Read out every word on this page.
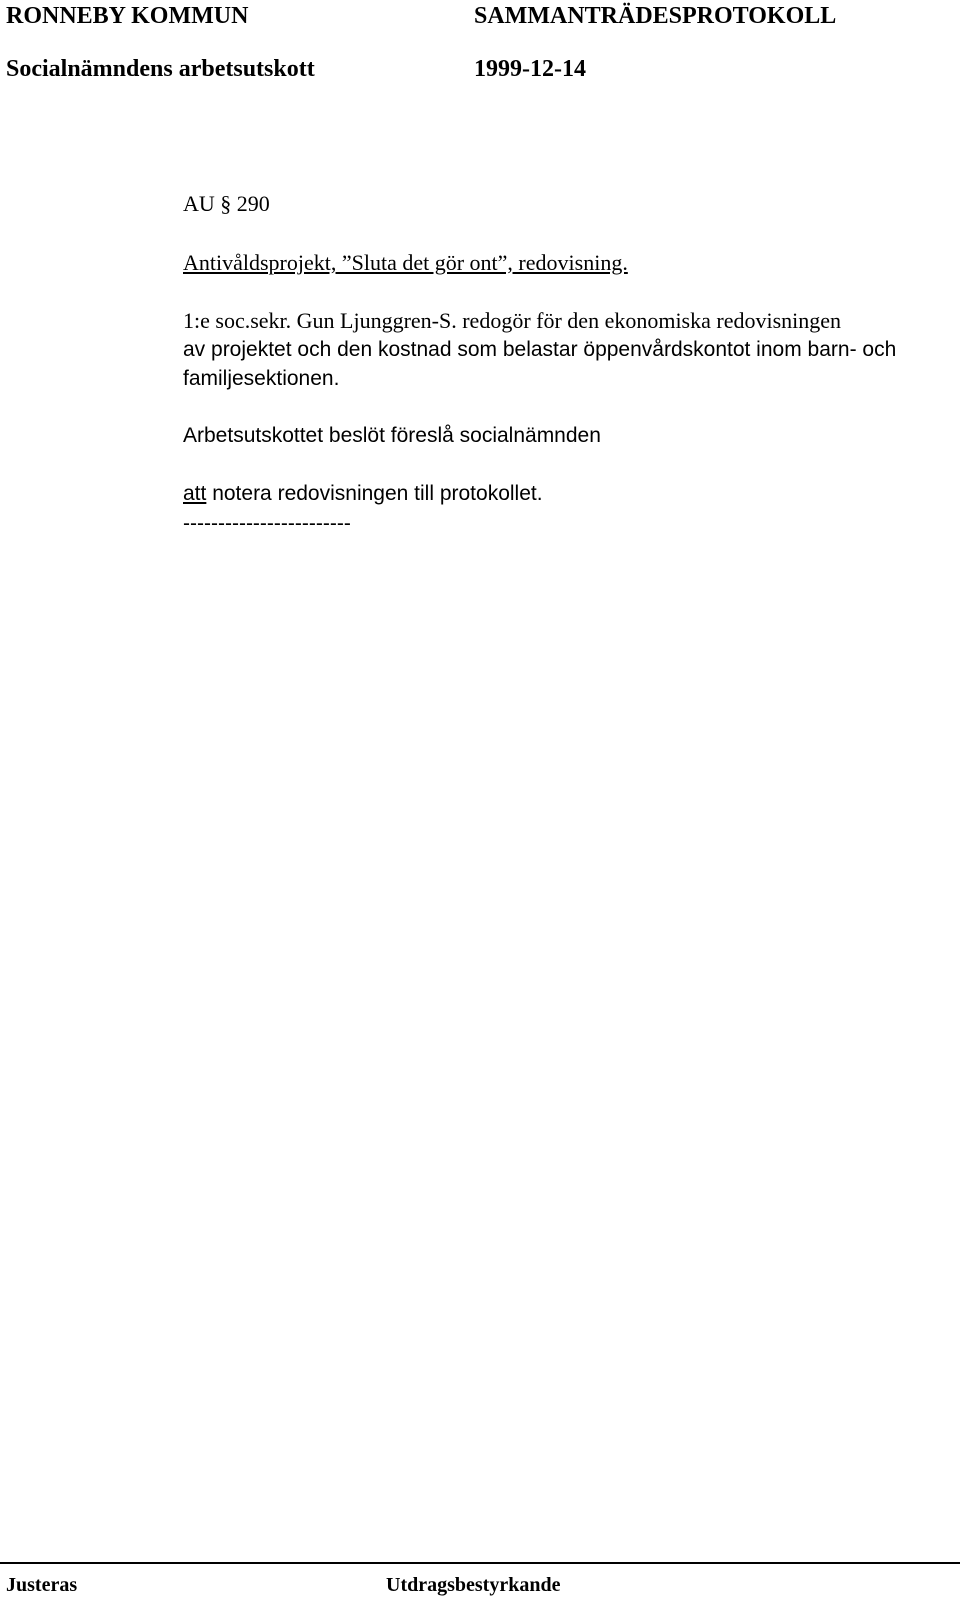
RONNEBY KOMMUN	SAMMANTRÄDESPROTOKOLL
Socialnämndens arbetsutskott	1999-12-14
AU § 290
Antivåldsprojekt, ”Sluta det gör ont”, redovisning.
1:e soc.sekr. Gun Ljunggren-S. redogör för den ekonomiska redovisningen
av projektet och den kostnad som belastar öppenvårdskontot inom barn- och
familjesektionen.
Arbetsutskottet beslöt föreslå socialnämnden
att notera redovisningen till protokollet.
------------------------
Justeras	Utdragsbestyrkande
